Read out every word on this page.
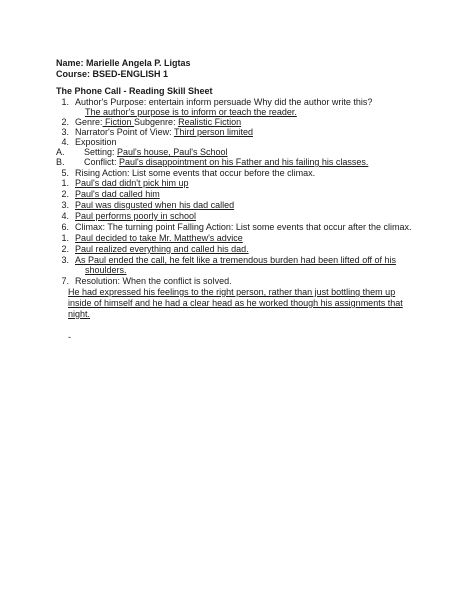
Name: Marielle Angela P. Ligtas
Course: BSED-ENGLISH 1
The Phone Call - Reading Skill Sheet
1. Author's Purpose: entertain inform persuade Why did the author write this?
The author's purpose is to inform or teach the reader.
2. Genre: Fiction Subgenre: Realistic Fiction
3. Narrator's Point of View: Third person limited
4. Exposition
A. Setting: Paul's house, Paul's School
B. Conflict: Paul's disappointment on his Father and his failing his classes.
5. Rising Action: List some events that occur before the climax.
1. Paul's dad didn't pick him up
2. Paul's dad called him
3. Paul was disgusted when his dad called
4. Paul performs poorly in school
6. Climax: The turning point Falling Action: List some events that occur after the climax.
1. Paul decided to take Mr. Matthew's advice
2. Paul realized everything and called his dad.
3. As Paul ended the call, he felt like a tremendous burden had been lifted off of his
shoulders.
7. Resolution: When the conflict is solved.
He had expressed his feelings to the right person, rather than just bottling them up
inside of himself and he had a clear head as he worked though his assignments that
night.
-
